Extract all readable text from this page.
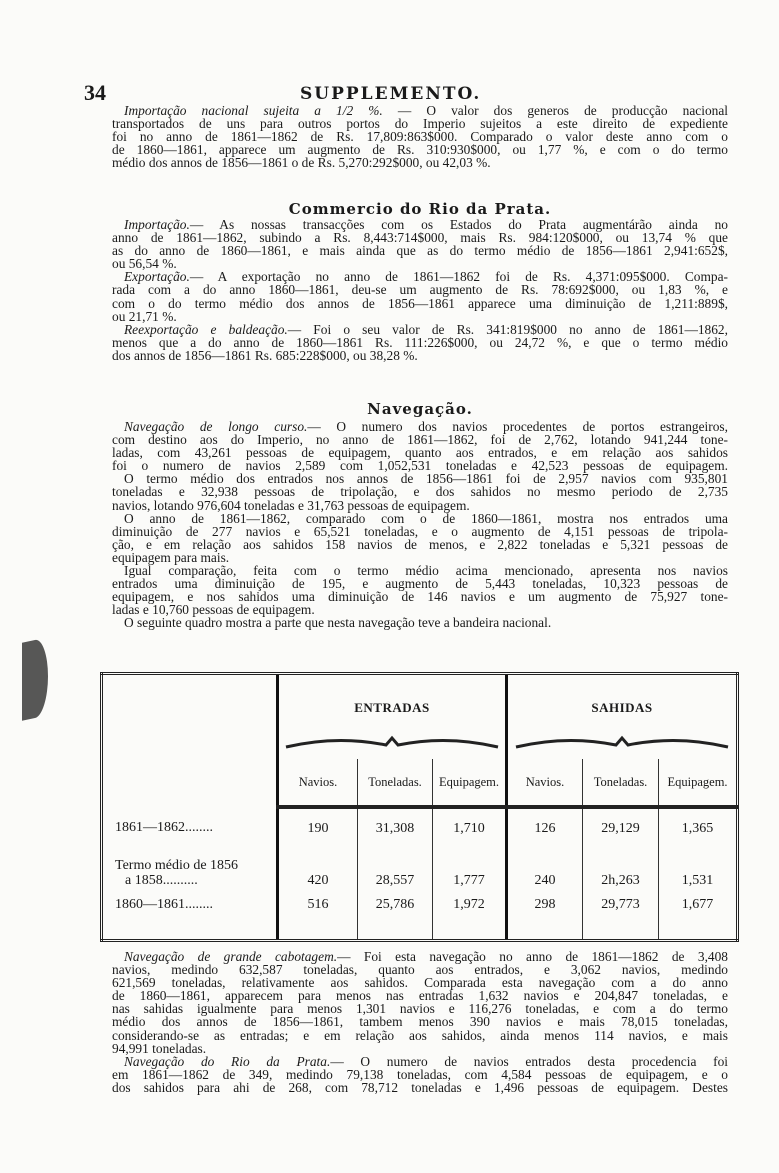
34	SUPPLEMENTO.
Importação nacional sujeita a 1/2 %. — O valor dos generos de producção nacional
transportados de uns para outros portos do Imperio sujeitos a este direito de expediente
foi no anno de 1861—1862 de Rs. 17,809:863$000. Comparado o valor deste anno com o
de 1860—1861, apparece um augmento de Rs. 310:930$000, ou 1,77 %, e com o do termo
médio dos annos de 1856—1861 o de Rs. 5,270:292$000, ou 42,03 %.
Commercio do Rio da Prata.
Importação.— As nossas transacções com os Estados do Prata augmentárão ainda no
anno de 1861—1862, subindo a Rs. 8,443:714$000, mais Rs. 984:120$000, ou 13,74 % que
as do anno de 1860—1861, e mais ainda que as do termo médio de 1856—1861 2,941:652$,
ou 56,54 %.
Exportação.— A exportação no anno de 1861—1862 foi de Rs. 4,371:095$000. Compa-
rada com a do anno 1860—1861, deu-se um augmento de Rs. 78:692$000, ou 1,83 %, e
com o do termo médio dos annos de 1856—1861 apparece uma diminuição de 1,211:889$,
ou 21,71 %.
Reexportação e baldeação.— Foi o seu valor de Rs. 341:819$000 no anno de 1861—1862,
menos que a do anno de 1860—1861 Rs. 111:226$000, ou 24,72 %, e que o termo médio
dos annos de 1856—1861 Rs. 685:228$000, ou 38,28 %.
Navegação.
Navegação de longo curso.— O numero dos navios procedentes de portos estrangeiros,
com destino aos do Imperio, no anno de 1861—1862, foi de 2,762, lotando 941,244 tone-
ladas, com 43,261 pessoas de equipagem, quanto aos entrados, e em relação aos sahidos
foi o numero de navios 2,589 com 1,052,531 toneladas e 42,523 pessoas de equipagem.
O termo médio dos entrados nos annos de 1856—1861 foi de 2,957 navios com 935,801
toneladas e 32,938 pessoas de tripolação, e dos sahidos no mesmo periodo de 2,735
navios, lotando 976,604 toneladas e 31,763 pessoas de equipagem.
O anno de 1861—1862, comparado com o de 1860—1861, mostra nos entrados uma
diminuição de 277 navios e 65,521 toneladas, e o augmento de 4,151 pessoas de tripola-
ção, e em relação aos sahidos 158 navios de menos, e 2,822 toneladas e 5,321 pessoas de
equipagem para mais.
Igual comparação, feita com o termo médio acima mencionado, apresenta nos navios
entrados uma diminuição de 195, e augmento de 5,443 toneladas, 10,323 pessoas de
equipagem, e nos sahidos uma diminuição de 146 navios e um augmento de 75,927 tone-
ladas e 10,760 pessoas de equipagem.
O seguinte quadro mostra a parte que nesta navegação teve a bandeira nacional.
	ENTRADAS			SAHIDAS		

	Navios.	Toneladas.	Equipagem.	Navios.	Toneladas.	Equipagem.
1861—1862........	190	31,308	1,710	126	29,129	1,365
Termo médio de 1856
a 1858..........	420	28,557	1,777	240	2h,263	1,531
1860—1861........	516	25,786	1,972	298	29,773	1,677
Navegação de grande cabotagem.— Foi esta navegação no anno de 1861—1862 de 3,408
navios, medindo 632,587 toneladas, quanto aos entrados, e 3,062 navios, medindo
621,569 toneladas, relativamente aos sahidos. Comparada esta navegação com a do anno
de 1860—1861, apparecem para menos nas entradas 1,632 navios e 204,847 toneladas, e
nas sahidas igualmente para menos 1,301 navios e 116,276 toneladas, e com a do termo
médio dos annos de 1856—1861, tambem menos 390 navios e mais 78,015 toneladas,
considerando-se as entradas; e em relação aos sahidos, ainda menos 114 navios, e mais
94,991 toneladas.
Navegação do Rio da Prata.— O numero de navios entrados desta procedencia foi
em 1861—1862 de 349, medindo 79,138 toneladas, com 4,584 pessoas de equipagem, e o
dos sahidos para ahi de 268, com 78,712 toneladas e 1,496 pessoas de equipagem. Destes
